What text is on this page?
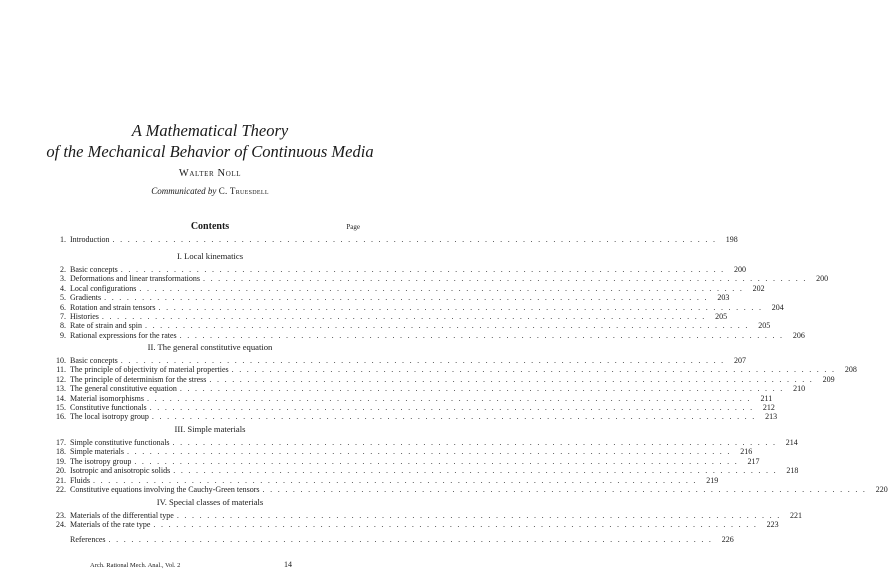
A Mathematical Theory
of the Mechanical Behavior of Continuous Media
Walter Noll
Communicated by C. Truesdell
Contents	Page
1. Introduction . . . . . . . . . . . . . . . . . . . . . . . . . . . . . . . . . . . . . . . . . . . . . . . . . . . . . . . . . . . . . . . . . . . . . . . . . . . . . . . .	198
I. Local kinematics
2. Basic concepts . . . . . . . . . . . . . . . . . . . . . . . . . . . . . . . . . . . . . . . . . . . . . . . . . . . . . . . . . . . . . . . . . . . . . . . . . . . . . . . .	200
3. Deformations and linear transformations . . . . . . . . . . . . . . . . . . . . . . . . . . . . . . . . . . . . . . . . . . . . . . . . . . . . . . . . . . . . . . . . . . . . . . . . . . . . . . . .	200
4. Local configurations . . . . . . . . . . . . . . . . . . . . . . . . . . . . . . . . . . . . . . . . . . . . . . . . . . . . . . . . . . . . . . . . . . . . . . . . . . . . . . . .	202
5. Gradients . . . . . . . . . . . . . . . . . . . . . . . . . . . . . . . . . . . . . . . . . . . . . . . . . . . . . . . . . . . . . . . . . . . . . . . . . . . . . . . .	203
6. Rotation and strain tensors . . . . . . . . . . . . . . . . . . . . . . . . . . . . . . . . . . . . . . . . . . . . . . . . . . . . . . . . . . . . . . . . . . . . . . . . . . . . . . . .	204
7. Histories . . . . . . . . . . . . . . . . . . . . . . . . . . . . . . . . . . . . . . . . . . . . . . . . . . . . . . . . . . . . . . . . . . . . . . . . . . . . . . . .	205
8. Rate of strain and spin . . . . . . . . . . . . . . . . . . . . . . . . . . . . . . . . . . . . . . . . . . . . . . . . . . . . . . . . . . . . . . . . . . . . . . . . . . . . . . . .	205
9. Rational expressions for the rates . . . . . . . . . . . . . . . . . . . . . . . . . . . . . . . . . . . . . . . . . . . . . . . . . . . . . . . . . . . . . . . . . . . . . . . . . . . . . . . .	206
II. The general constitutive equation
10. Basic concepts . . . . . . . . . . . . . . . . . . . . . . . . . . . . . . . . . . . . . . . . . . . . . . . . . . . . . . . . . . . . . . . . . . . . . . . . . . . . . . . .	207
11. The principle of objectivity of material properties . . . . . . . . . . . . . . . . . . . . . . . . . . . . . . . . . . . . . . . . . . . . . . . . . . . . . . . . . . . . . . . . . . . . . . . . . . . . . . . .	208
12. The principle of determinism for the stress . . . . . . . . . . . . . . . . . . . . . . . . . . . . . . . . . . . . . . . . . . . . . . . . . . . . . . . . . . . . . . . . . . . . . . . . . . . . . . . .	209
13. The general constitutive equation . . . . . . . . . . . . . . . . . . . . . . . . . . . . . . . . . . . . . . . . . . . . . . . . . . . . . . . . . . . . . . . . . . . . . . . . . . . . . . . .	210
14. Material isomorphisms . . . . . . . . . . . . . . . . . . . . . . . . . . . . . . . . . . . . . . . . . . . . . . . . . . . . . . . . . . . . . . . . . . . . . . . . . . . . . . . .	211
15. Constitutive functionals . . . . . . . . . . . . . . . . . . . . . . . . . . . . . . . . . . . . . . . . . . . . . . . . . . . . . . . . . . . . . . . . . . . . . . . . . . . . . . . .	212
16. The local isotropy group . . . . . . . . . . . . . . . . . . . . . . . . . . . . . . . . . . . . . . . . . . . . . . . . . . . . . . . . . . . . . . . . . . . . . . . . . . . . . . . .	213
III. Simple materials
17. Simple constitutive functionals . . . . . . . . . . . . . . . . . . . . . . . . . . . . . . . . . . . . . . . . . . . . . . . . . . . . . . . . . . . . . . . . . . . . . . . . . . . . . . . .	214
18. Simple materials . . . . . . . . . . . . . . . . . . . . . . . . . . . . . . . . . . . . . . . . . . . . . . . . . . . . . . . . . . . . . . . . . . . . . . . . . . . . . . . .	216
19. The isotropy group . . . . . . . . . . . . . . . . . . . . . . . . . . . . . . . . . . . . . . . . . . . . . . . . . . . . . . . . . . . . . . . . . . . . . . . . . . . . . . . .	217
20. Isotropic and anisotropic solids . . . . . . . . . . . . . . . . . . . . . . . . . . . . . . . . . . . . . . . . . . . . . . . . . . . . . . . . . . . . . . . . . . . . . . . . . . . . . . . .	218
21. Fluids . . . . . . . . . . . . . . . . . . . . . . . . . . . . . . . . . . . . . . . . . . . . . . . . . . . . . . . . . . . . . . . . . . . . . . . . . . . . . . . .	219
22. Constitutive equations involving the Cauchy-Green tensors . . . . . . . . . . . . . . . . . . . . . . . . . . . . . . . . . . . . . . . . . . . . . . . . . . . . . . . . . . . . . . . . . . . . . . . . . . . . . . . .	220
IV. Special classes of materials
23. Materials of the differential type . . . . . . . . . . . . . . . . . . . . . . . . . . . . . . . . . . . . . . . . . . . . . . . . . . . . . . . . . . . . . . . . . . . . . . . . . . . . . . . .	221
24. Materials of the rate type . . . . . . . . . . . . . . . . . . . . . . . . . . . . . . . . . . . . . . . . . . . . . . . . . . . . . . . . . . . . . . . . . . . . . . . . . . . . . . . .	223
References . . . . . . . . . . . . . . . . . . . . . . . . . . . . . . . . . . . . . . . . . . . . . . . . . . . . . . . . . . . . . . . . . . . . . . . . . . . . . . . .	226
Arch. Rational Mech. Anal., Vol. 2	14
